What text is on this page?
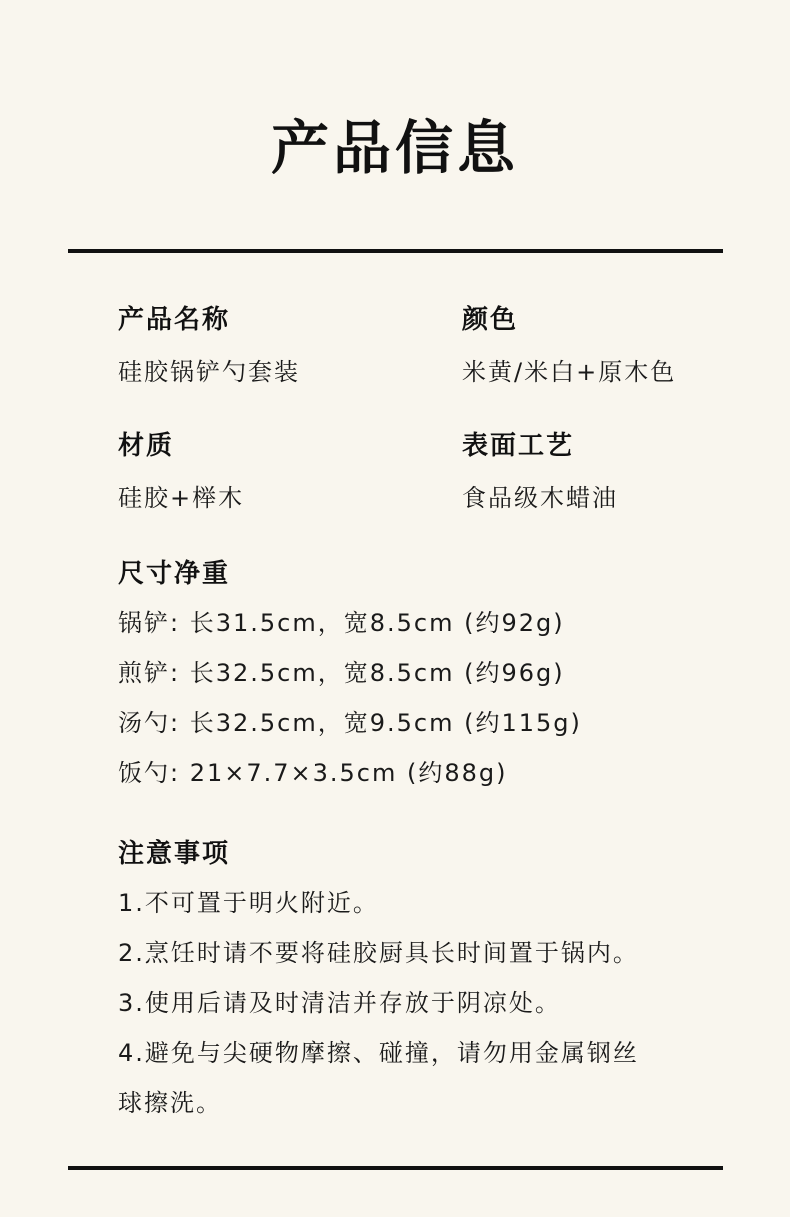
产品信息
产品名称
硅胶锅铲勺套装
颜色
米黄/米白+原木色
材质
硅胶+榉木
表面工艺
食品级木蜡油
尺寸净重
锅铲: 长31.5cm，宽8.5cm (约92g)
煎铲: 长32.5cm，宽8.5cm (约96g)
汤勺: 长32.5cm，宽9.5cm (约115g)
饭勺: 21×7.7×3.5cm (约88g)
注意事项
1.不可置于明火附近。
2.烹饪时请不要将硅胶厨具长时间置于锅内。
3.使用后请及时清洁并存放于阴凉处。
4.避免与尖硬物摩擦、碰撞，请勿用金属钢丝
球擦洗。
